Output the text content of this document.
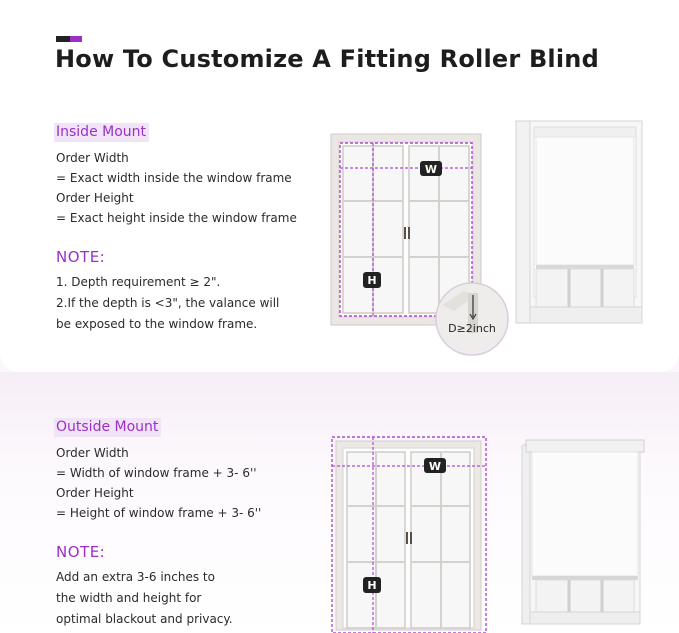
How To Customize A Fitting Roller Blind
Inside Mount
Order Width
= Exact width inside the window frame
Order Height
= Exact height inside the window frame
NOTE:
1. Depth requirement ≥ 2".
2.If the depth is <3", the valance will
be exposed to the window frame.
W
H
D≥2inch
Outside Mount
Order Width
= Width of window frame + 3- 6''
Order Height
= Height of window frame + 3- 6''
NOTE:
Add an extra 3-6 inches to
the width and height for
optimal blackout and privacy.
W
H
